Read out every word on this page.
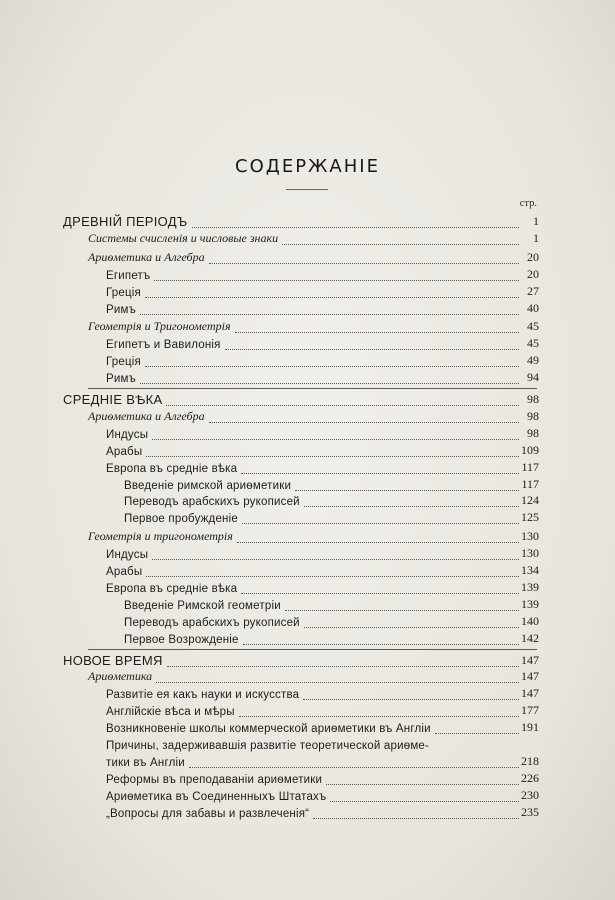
СОДЕРЖАНIЕ
стр.
ДРЕВНIЙ ПЕРIОДЪ	1
Системы счисленiя и числовые знаки	1
Ариѳметика и Алгебра	20
Египетъ	20
Грецiя	27
Римъ	40
Геометрiя и Тригонометрiя	45
Египетъ и Вавилонiя	45
Грецiя	49
Римъ	94
СРЕДНIЕ ВѢКА	98
Ариѳметика и Алгебра	98
Индусы	98
Арабы	109
Европа въ средніе вѣка	117
Введенiе римской ариѳметики	117
Переводъ арабскихъ рукописей	124
Первое пробужденiе	125
Геометрiя и тригонометрiя	130
Индусы	130
Арабы	134
Европа въ средніе вѣка	139
Введенiе Римской геометрiи	139
Переводъ арабскихъ рукописей	140
Первое Возрожденiе	142
НОВОЕ ВРЕМЯ	147
Ариѳметика	147
Развитiе ея какъ науки и искусства	147
Англiйскiе вѣса и мѣры	177
Возникновенiе школы коммерческой ариѳметики въ Англiи	191
Причины, задерживавшiя развитiе теоретической ариѳме-
тики въ Англiи	218
Реформы въ преподаванiи ариѳметики	226
Ариѳметика въ Соединенныхъ Штатахъ	230
„Вопросы для забавы и развлеченiя“	235
